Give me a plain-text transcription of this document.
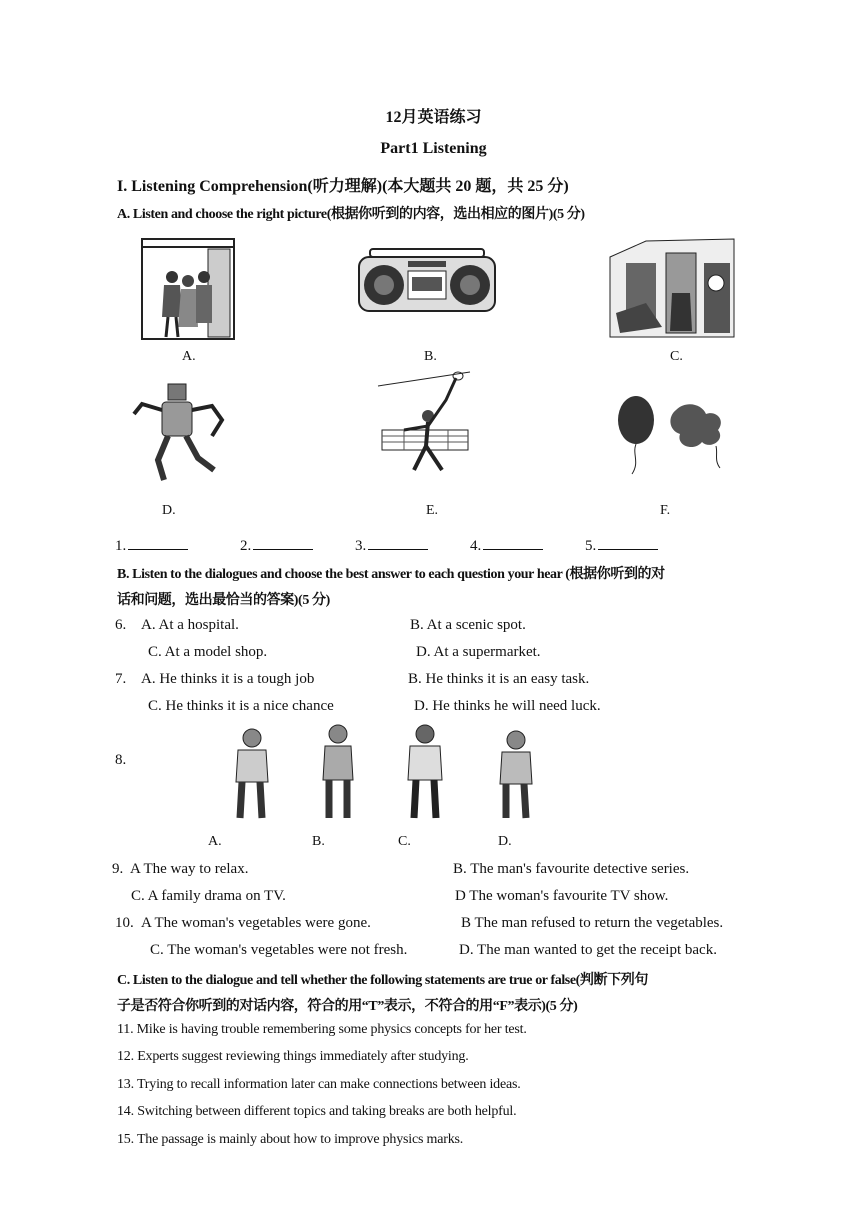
12月英语练习
Part1 Listening
I. Listening Comprehension(听力理解)(本大题共 20 题，共 25 分)
A. Listen and choose the right picture(根据你听到的内容，选出相应的图片)(5 分)
A.	B.	C.
D.	E.	F.
1.	2.	3.	4.	5.
B. Listen to the dialogues and choose the best answer to each question your hear (根据你听到的对
话和问题，选出最恰当的答案)(5 分)
6. A. At a hospital.	B. At a scenic spot.
C. At a model shop.	D. At a supermarket.
7. A. He thinks it is a tough job	B. He thinks it is an easy task.
C. He thinks it is a nice chance	D. He thinks he will need luck.
8.
A.	B.	C.	D.
9. A The way to relax.	B. The man's favourite detective series.
C. A family drama on TV.	D The woman's favourite TV show.
10. A The woman's vegetables were gone.	B The man refused to return the vegetables.
C. The woman's vegetables were not fresh.	D. The man wanted to get the receipt back.
C. Listen to the dialogue and tell whether the following statements are true or false(判断下列句
子是否符合你听到的对话内容，符合的用“T”表示，不符合的用“F”表示)(5 分)
11. Mike is having trouble remembering some physics concepts for her test.
12. Experts suggest reviewing things immediately after studying.
13. Trying to recall information later can make connections between ideas.
14. Switching between different topics and taking breaks are both helpful.
15. The passage is mainly about how to improve physics marks.
